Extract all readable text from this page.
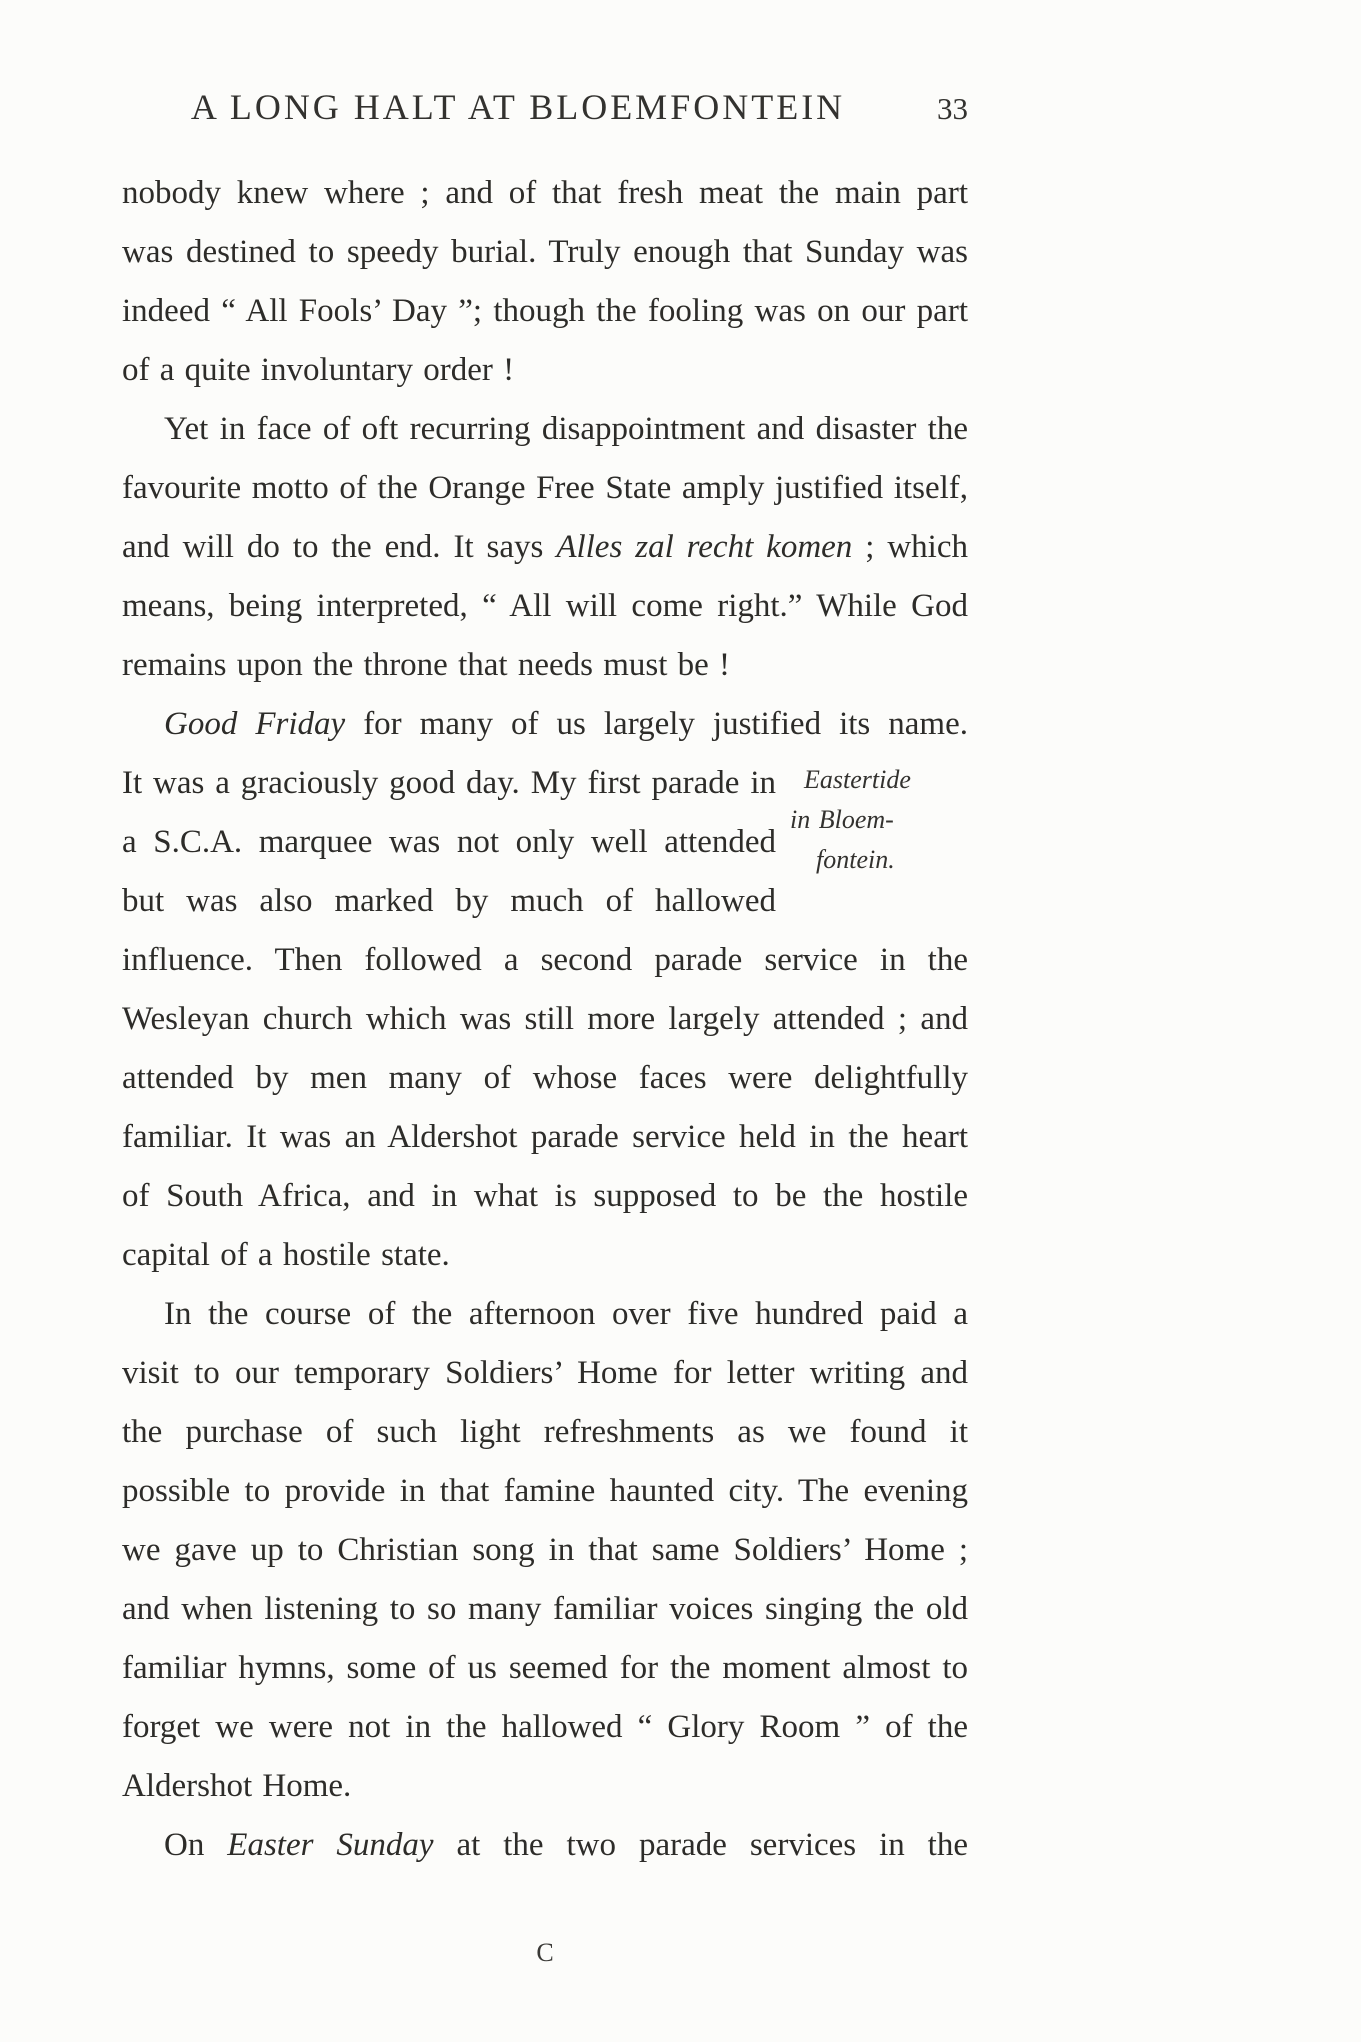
A LONG HALT AT BLOEMFONTEIN	33

nobody knew where ; and of that fresh meat the main part was destined to speedy burial. Truly enough that Sunday was indeed “ All Fools’ Day ”; though the fooling was on our part of a quite involuntary order !

Yet in face of oft recurring disappointment and disaster the favourite motto of the Orange Free State amply justified itself, and will do to the end. It says Alles zal recht komen ; which means, being interpreted, “ All will come right.” While God remains upon the throne that needs must be !

Good Friday for many of us largely justified its name.

Eastertide
in Bloem-
fontein.
It was a graciously good day. My first parade in a S.C.A. marquee was not only well attended but was also marked by much of hallowed influence. Then followed a second parade service in the Wesleyan church which was still more largely attended ; and attended by men many of whose faces were delightfully familiar. It was an Aldershot parade service held in the heart of South Africa, and in what is supposed to be the hostile capital of a hostile state.

In the course of the afternoon over five hundred paid a visit to our temporary Soldiers’ Home for letter writing and the purchase of such light refreshments as we found it possible to provide in that famine haunted city. The evening we gave up to Christian song in that same Soldiers’ Home ; and when listening to so many familiar voices singing the old familiar hymns, some of us seemed for the moment almost to forget we were not in the hallowed “ Glory Room ” of the Aldershot Home.

On Easter Sunday at the two parade services in the

C
